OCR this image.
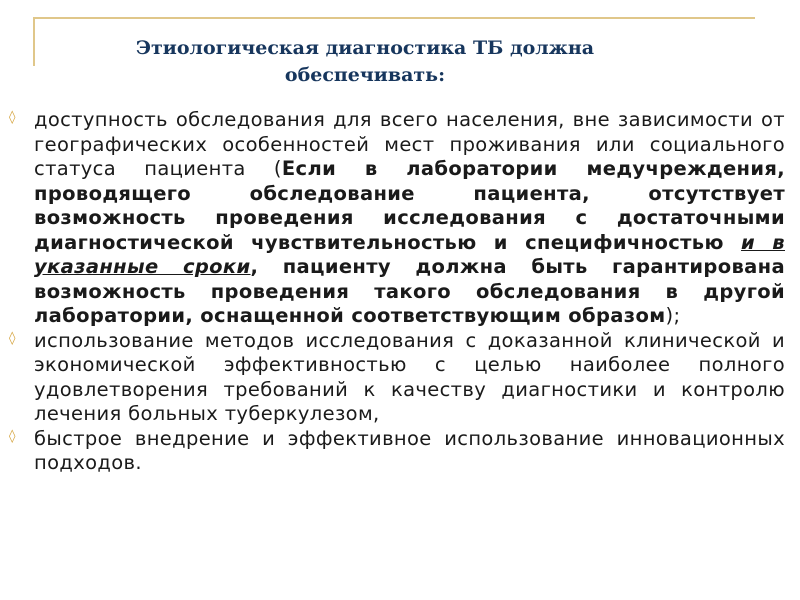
Этиологическая диагностика ТБ должна
обеспечивать:
◊ доступность обследования для всего населения, вне зависимости от географических особенностей мест проживания или социального статуса пациента (Если в лаборатории медучреждения, проводящего обследование пациента, отсутствует возможность проведения исследования с достаточными диагностической чувствительностью и специфичностью и в указанные сроки, пациенту должна быть гарантирована возможность проведения такого обследования в другой лаборатории, оснащенной соответствующим образом);
◊ использование методов исследования с доказанной клинической и экономической эффективностью с целью наиболее полного удовлетворения требований к качеству диагностики и контролю лечения больных туберкулезом,
◊ быстрое внедрение и эффективное использование инновационных подходов.
